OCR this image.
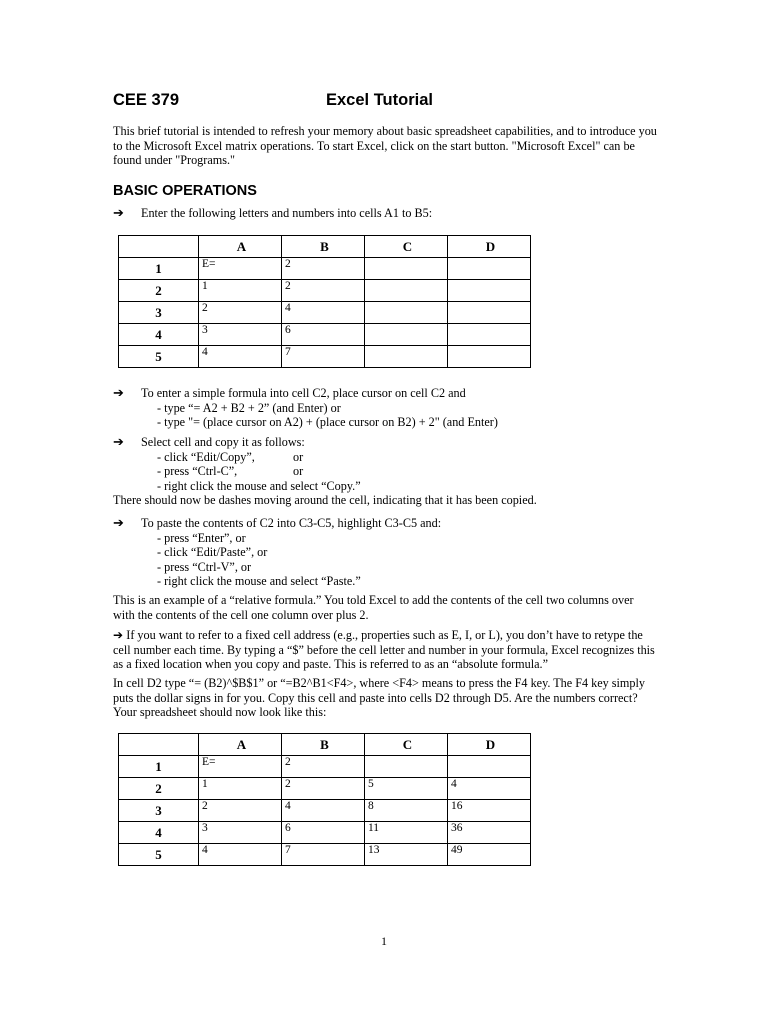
CEE 379	Excel Tutorial

This brief tutorial is intended to refresh your memory about basic spreadsheet capabilities, and to introduce you to the Microsoft Excel matrix operations. To start Excel, click on the start button. "Microsoft Excel" can be found under "Programs."

BASIC OPERATIONS
➔ Enter the following letters and numbers into cells A1 to B5:
	A	B	C	D
1	E=	2		
2	1	2		
3	2	4		
4	3	6		
5	4	7		
➔ To enter a simple formula into cell C2, place cursor on cell C2 and
- type “= A2 + B2 + 2” (and Enter) or
- type "= (place cursor on A2) + (place cursor on B2) + 2" (and Enter)
➔ Select cell and copy it as follows:
- click “Edit/Copy”,	or
- press “Ctrl-C”,	or
- right click the mouse and select “Copy.”
There should now be dashes moving around the cell, indicating that it has been copied.
➔ To paste the contents of C2 into C3-C5, highlight C3-C5 and:
- press “Enter”, or
- click “Edit/Paste”, or
- press “Ctrl-V”, or
- right click the mouse and select “Paste.”

This is an example of a “relative formula.” You told Excel to add the contents of the cell two columns over with the contents of the cell one column over plus 2.

➔ If you want to refer to a fixed cell address (e.g., properties such as E, I, or L), you don’t have to retype the cell number each time. By typing a “$” before the cell letter and number in your formula, Excel recognizes this as a fixed location when you copy and paste. This is referred to as an “absolute formula.”

In cell D2 type “= (B2)^$B$1” or “=B2^B1<F4>, where <F4> means to press the F4 key. The F4 key simply puts the dollar signs in for you. Copy this cell and paste into cells D2 through D5. Are the numbers correct? Your spreadsheet should now look like this:

	A	B	C	D
1	E=	2		
2	1	2	5	4
3	2	4	8	16
4	3	6	11	36
5	4	7	13	49
1
